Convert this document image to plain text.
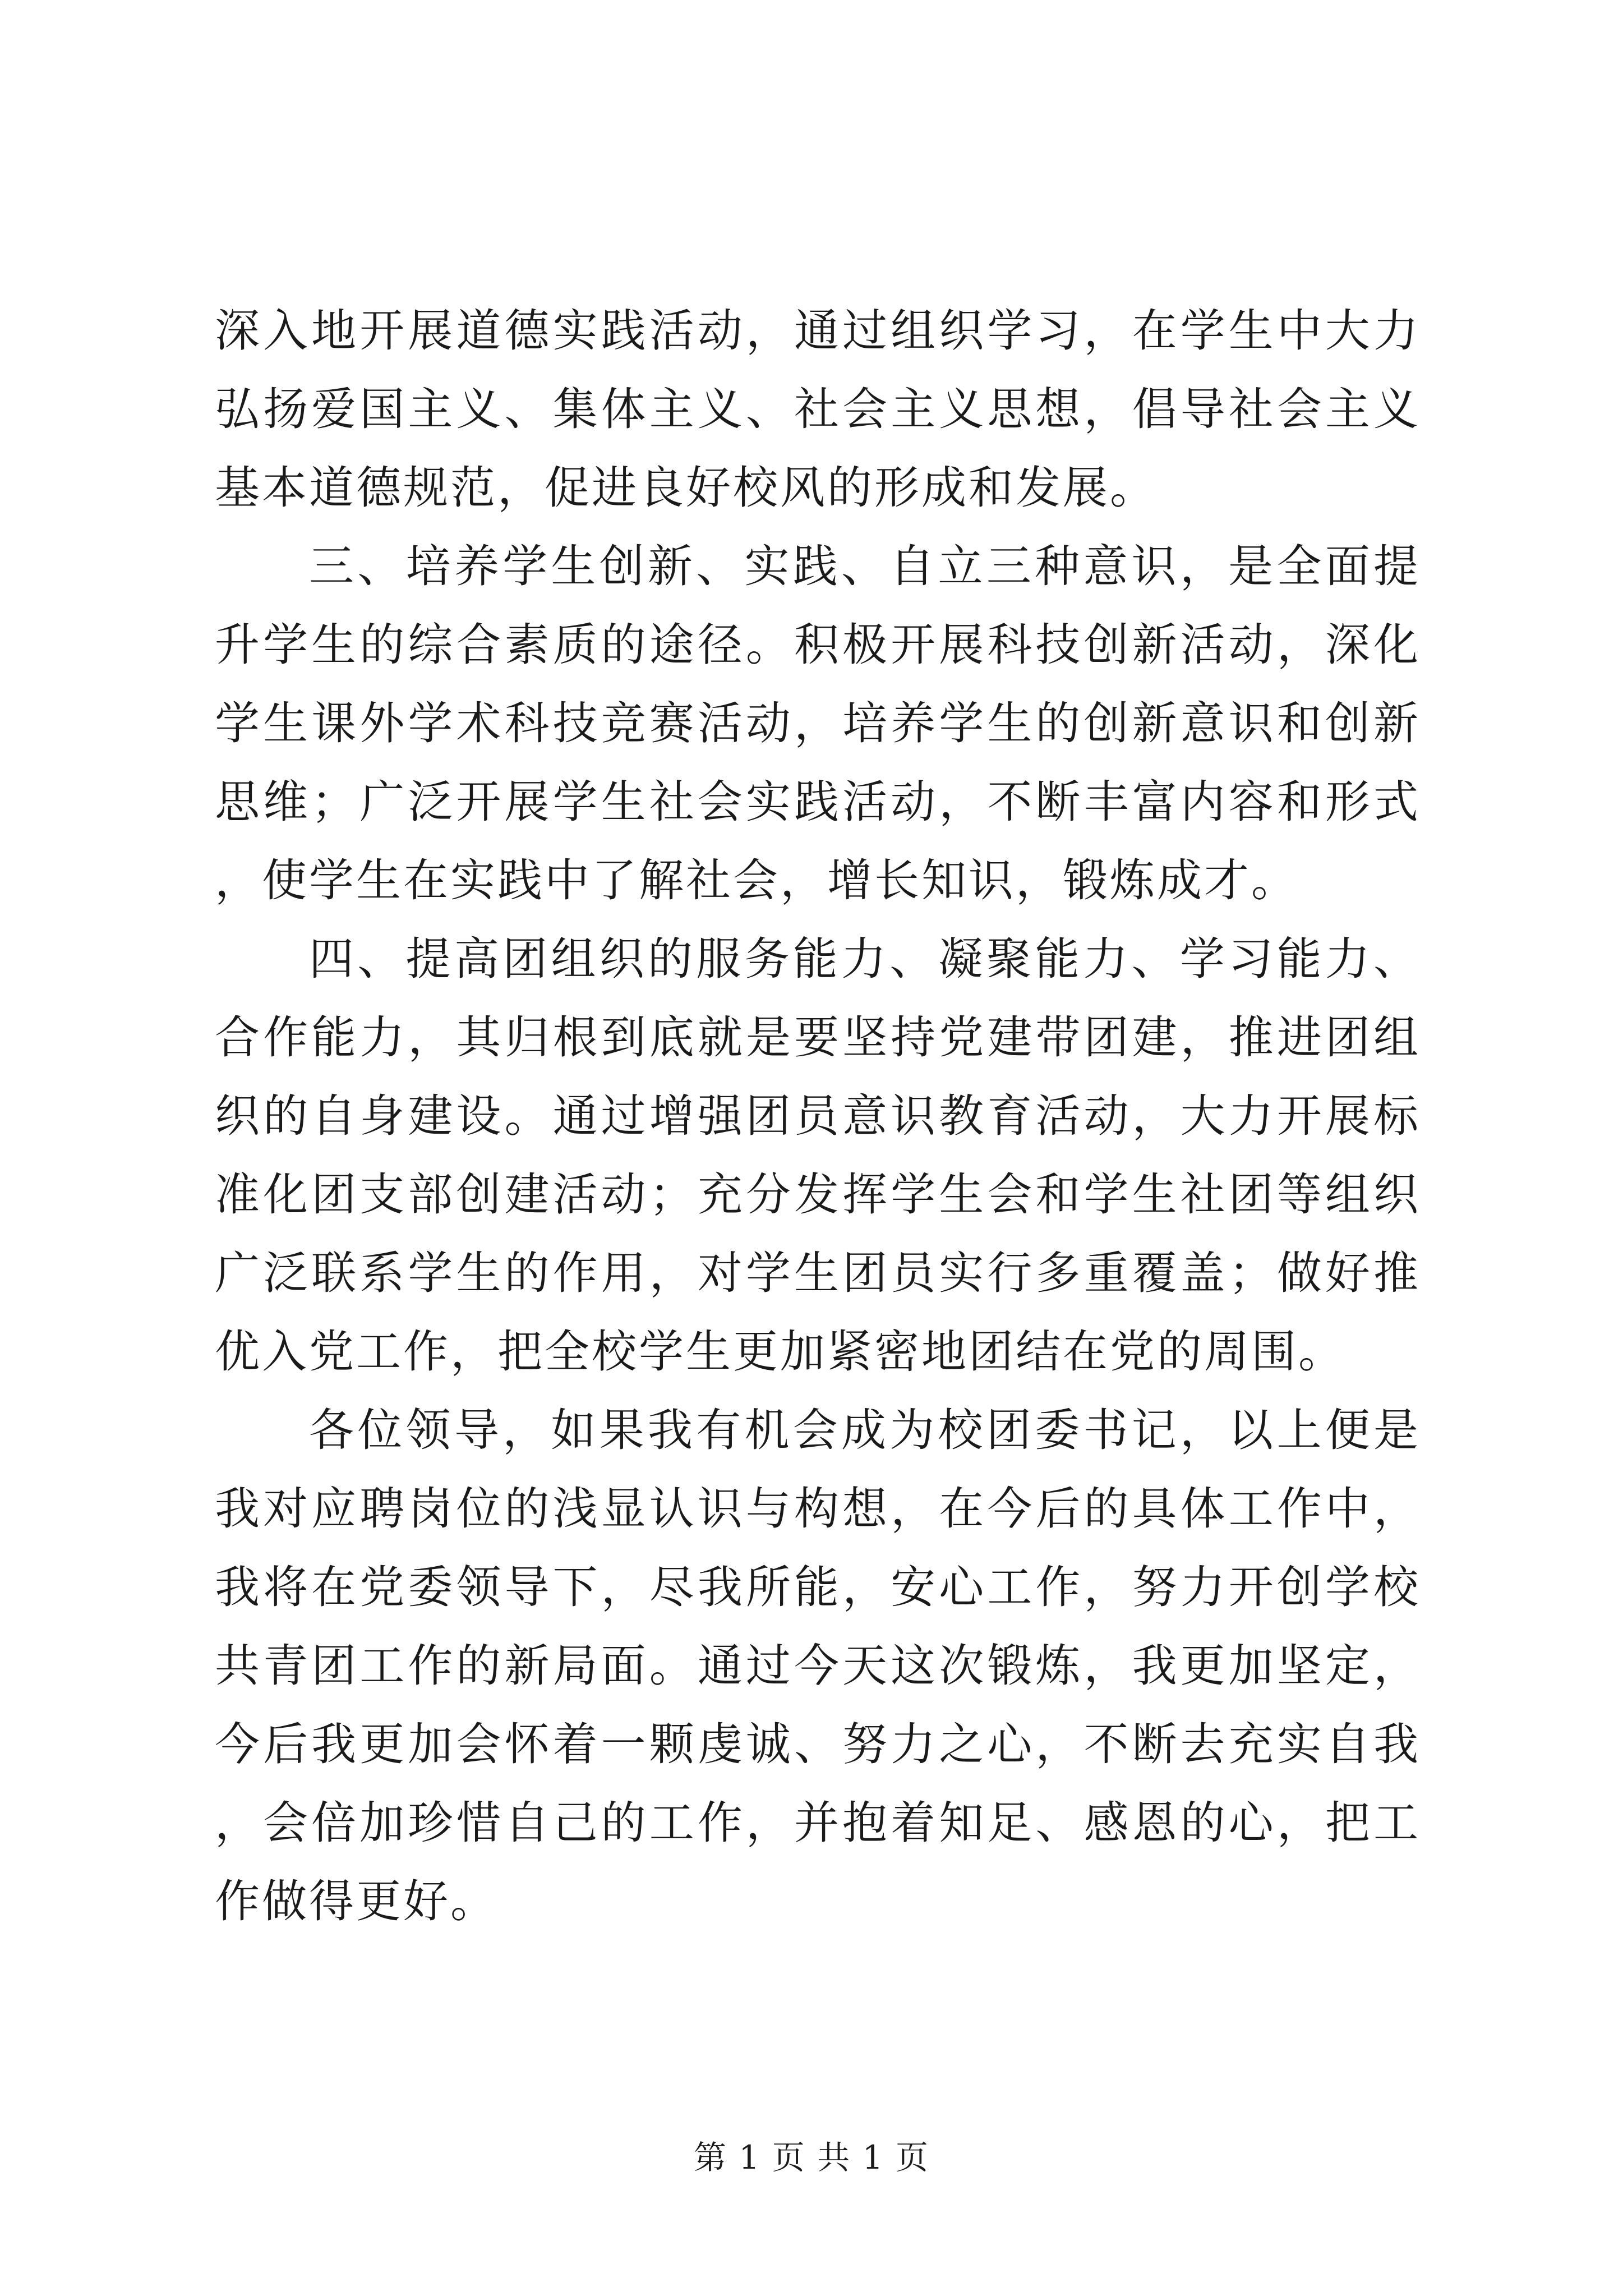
深入地开展道德实践活动，通过组织学习，在学生中大力弘扬爱国主义、集体主义、社会主义思想，倡导社会主义基本道德规范，促进良好校风的形成和发展。

三、培养学生创新、实践、自立三种意识，是全面提升学生的综合素质的途径。积极开展科技创新活动，深化学生课外学术科技竞赛活动，培养学生的创新意识和创新思维；广泛开展学生社会实践活动，不断丰富内容和形式，使学生在实践中了解社会，增长知识，锻炼成才。

四、提高团组织的服务能力、凝聚能力、学习能力、合作能力，其归根到底就是要坚持党建带团建，推进团组织的自身建设。通过增强团员意识教育活动，大力开展标准化团支部创建活动；充分发挥学生会和学生社团等组织广泛联系学生的作用，对学生团员实行多重覆盖；做好推优入党工作，把全校学生更加紧密地团结在党的周围。

各位领导，如果我有机会成为校团委书记，以上便是我对应聘岗位的浅显认识与构想，在今后的具体工作中，我将在党委领导下，尽我所能，安心工作，努力开创学校共青团工作的新局面。通过今天这次锻炼，我更加坚定，今后我更加会怀着一颗虔诚、努力之心，不断去充实自我，会倍加珍惜自己的工作，并抱着知足、感恩的心，把工作做得更好。

第 1 页 共 1 页
